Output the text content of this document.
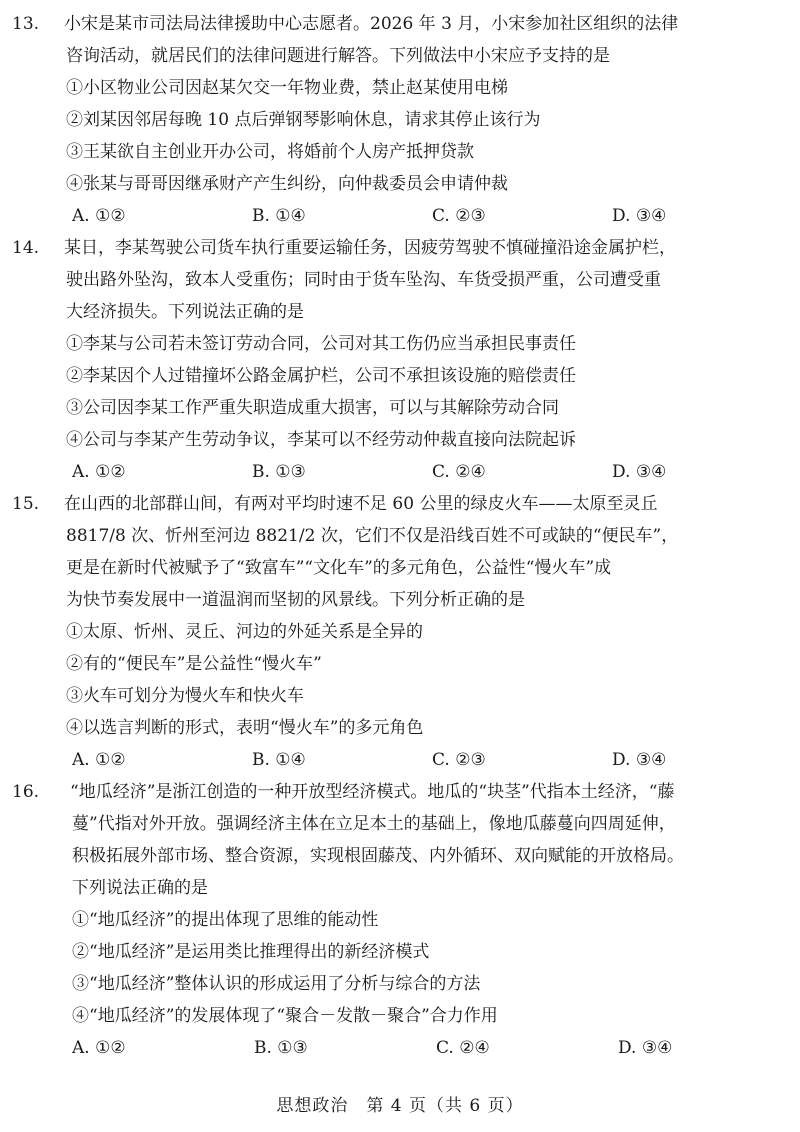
13. 小宋是某市司法局法律援助中心志愿者。2026 年 3 月，小宋参加社区组织的法律
咨询活动，就居民们的法律问题进行解答。下列做法中小宋应予支持的是
①小区物业公司因赵某欠交一年物业费，禁止赵某使用电梯
②刘某因邻居每晚 10 点后弹钢琴影响休息，请求其停止该行为
③王某欲自主创业开办公司，将婚前个人房产抵押贷款
④张某与哥哥因继承财产产生纠纷，向仲裁委员会申请仲裁
A. ①②	B. ①④	C. ②③	D. ③④
14. 某日，李某驾驶公司货车执行重要运输任务，因疲劳驾驶不慎碰撞沿途金属护栏，
驶出路外坠沟，致本人受重伤；同时由于货车坠沟、车货受损严重，公司遭受重
大经济损失。下列说法正确的是
①李某与公司若未签订劳动合同，公司对其工伤仍应当承担民事责任
②李某因个人过错撞坏公路金属护栏，公司不承担该设施的赔偿责任
③公司因李某工作严重失职造成重大损害，可以与其解除劳动合同
④公司与李某产生劳动争议，李某可以不经劳动仲裁直接向法院起诉
A. ①②	B. ①③	C. ②④	D. ③④
15. 在山西的北部群山间，有两对平均时速不足 60 公里的绿皮火车——太原至灵丘
8817/8 次、忻州至河边 8821/2 次，它们不仅是沿线百姓不可或缺的“便民车”，
更是在新时代被赋予了“致富车”“文化车”的多元角色，公益性“慢火车”成
为快节奏发展中一道温润而坚韧的风景线。下列分析正确的是
①太原、忻州、灵丘、河边的外延关系是全异的
②有的“便民车”是公益性“慢火车”
③火车可划分为慢火车和快火车
④以选言判断的形式，表明“慢火车”的多元角色
A. ①②	B. ①④	C. ②③	D. ③④
16. “地瓜经济”是浙江创造的一种开放型经济模式。地瓜的“块茎”代指本土经济，“藤
蔓”代指对外开放。强调经济主体在立足本土的基础上，像地瓜藤蔓向四周延伸，
积极拓展外部市场、整合资源，实现根固藤茂、内外循环、双向赋能的开放格局。
下列说法正确的是
①“地瓜经济”的提出体现了思维的能动性
②“地瓜经济”是运用类比推理得出的新经济模式
③“地瓜经济”整体认识的形成运用了分析与综合的方法
④“地瓜经济”的发展体现了“聚合－发散－聚合”合力作用
A. ①②	B. ①③	C. ②④	D. ③④
思想政治　第 4 页（共 6 页）
